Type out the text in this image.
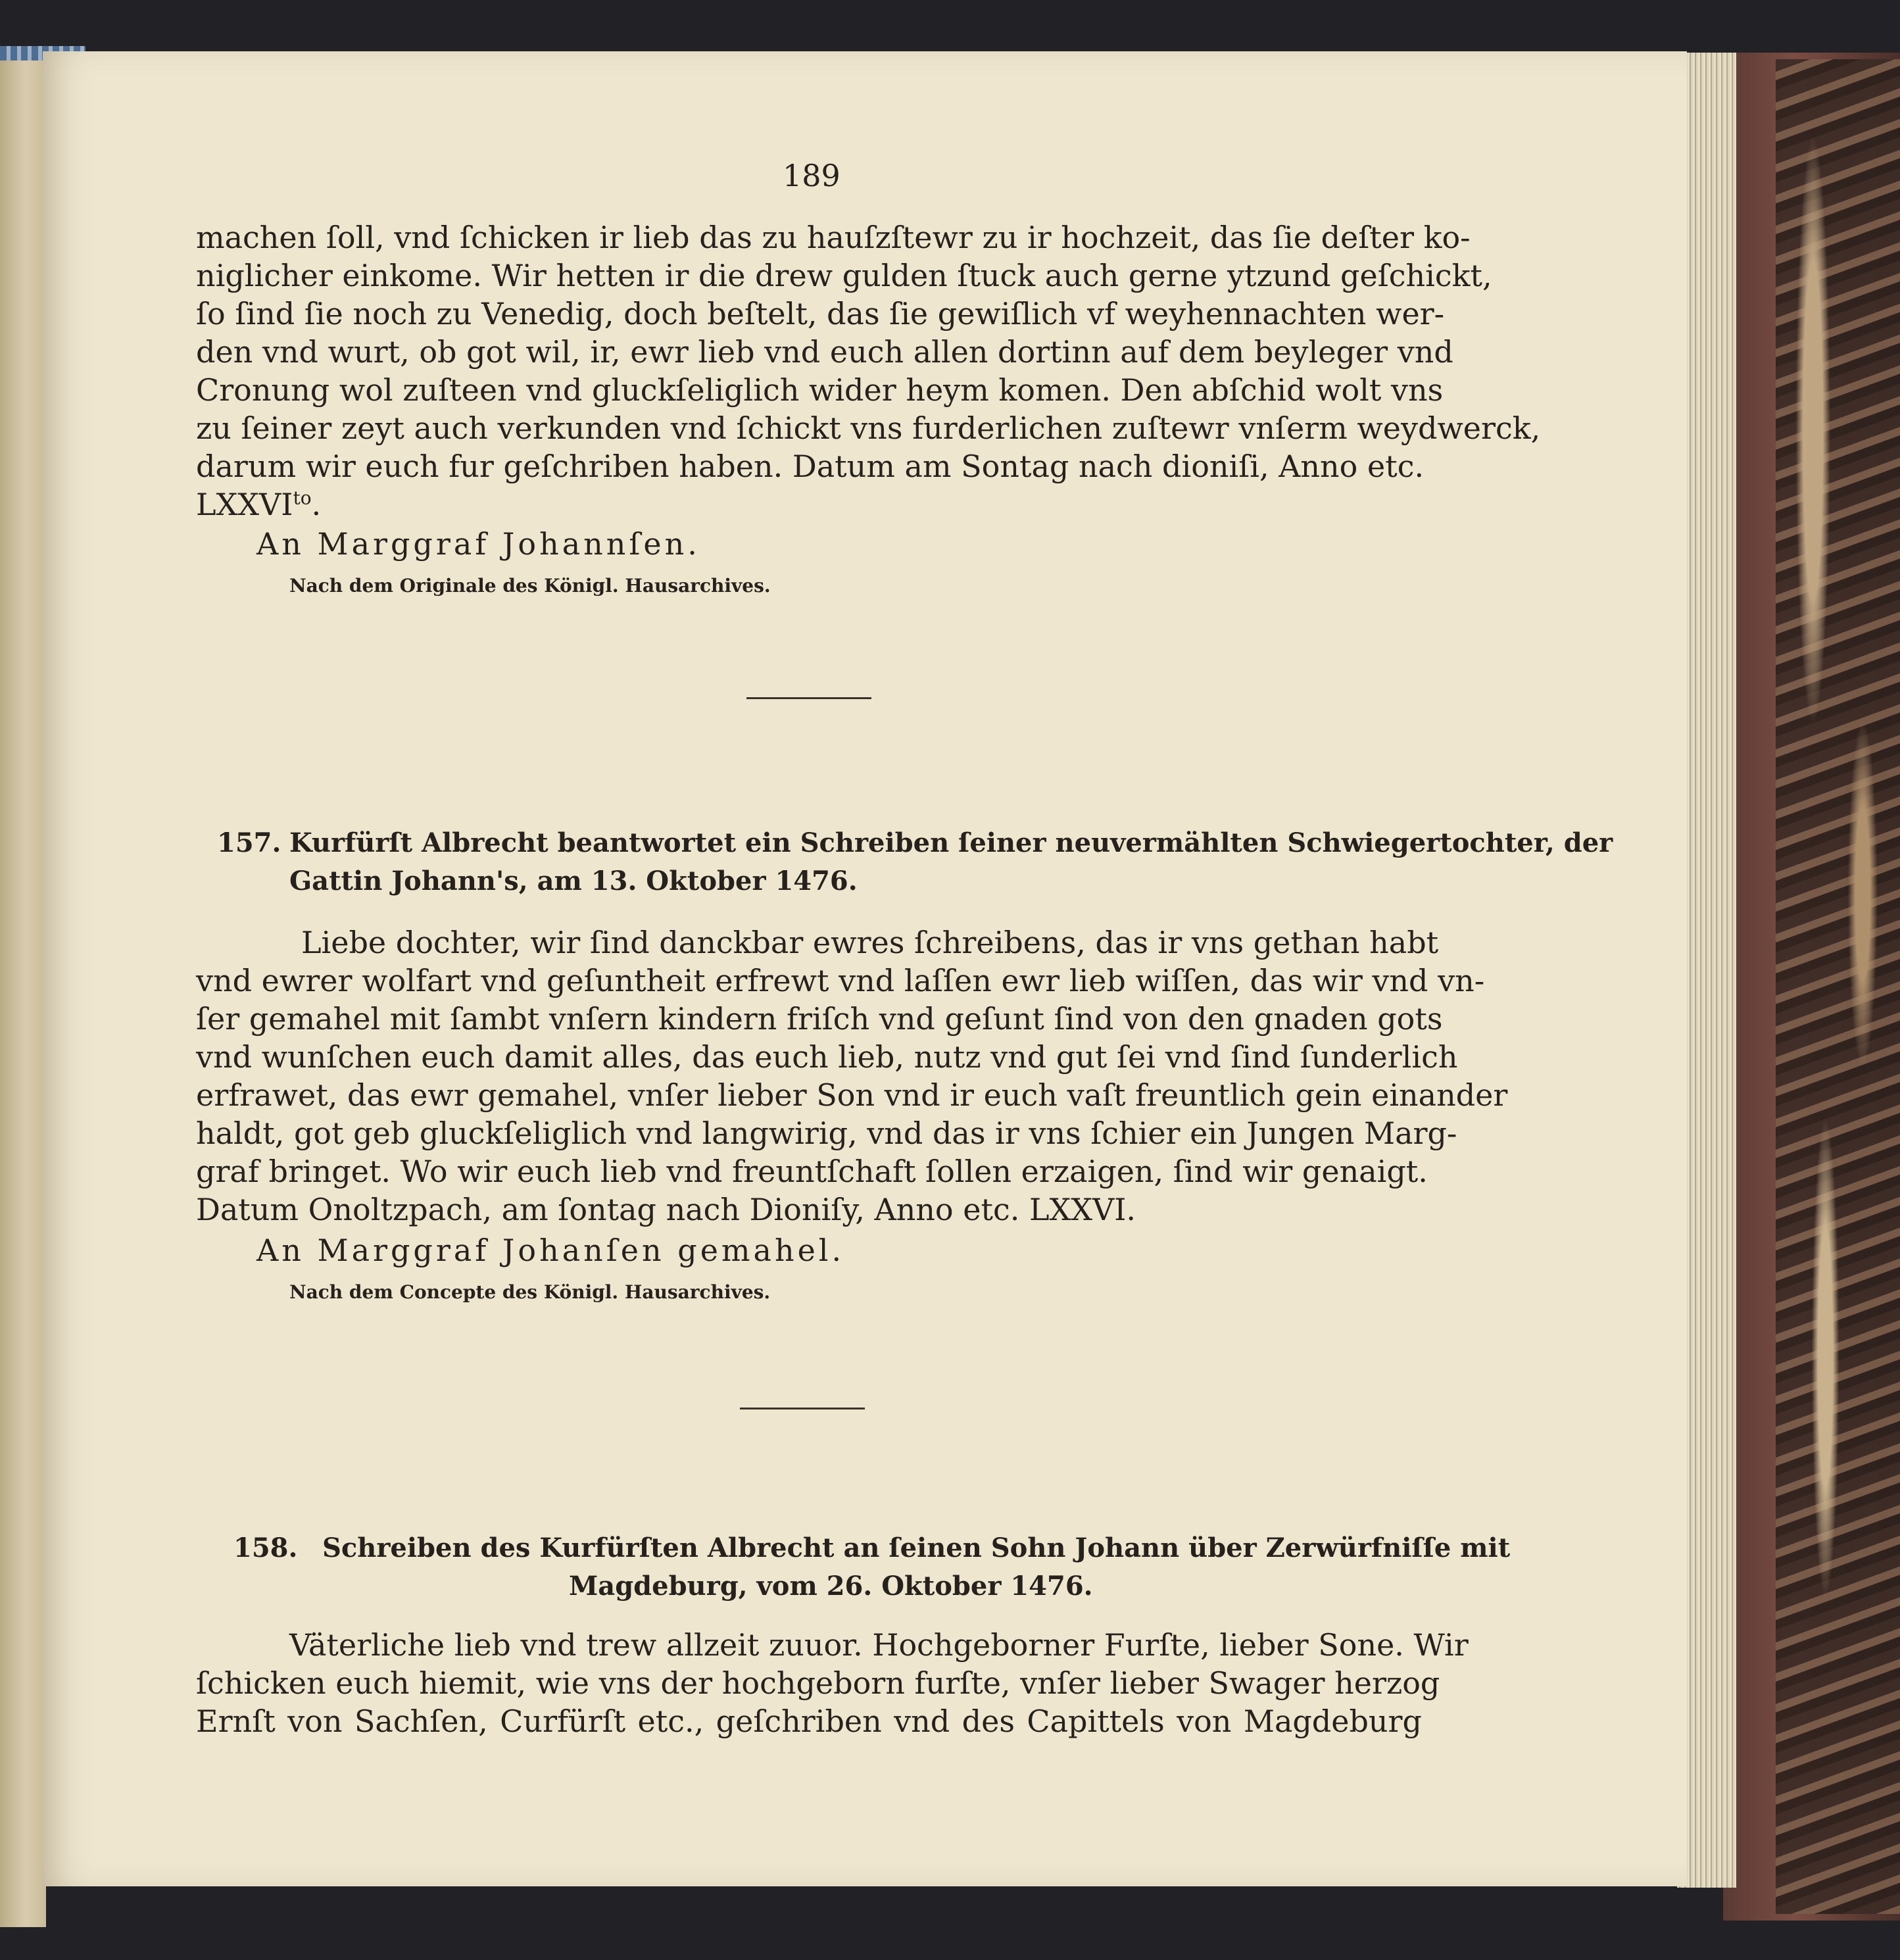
189
machen ſoll, vnd ſchicken ir lieb das zu hauſzſtewr zu ir hochzeit, das ſie deſter ko-
niglicher einkome. Wir hetten ir die drew gulden ſtuck auch gerne ytzund geſchickt,
ſo ſind ſie noch zu Venedig, doch beſtelt, das ſie gewiſlich vf weyhennachten wer-
den vnd wurt, ob got wil, ir, ewr lieb vnd euch allen dortinn auf dem beyleger vnd
Cronung wol zuſteen vnd gluckſeliglich wider heym komen. Den abſchid wolt vns
zu ſeiner zeyt auch verkunden vnd ſchickt vns furderlichen zuſtewr vnſerm weydwerck,
darum wir euch fur geſchriben haben. Datum am Sontag nach dioniſi, Anno etc.
$LXXVI^{to}$.
An Marggraf Johannſen.
Nach dem Originale des Königl. Hausarchives.
157. Kurfürſt Albrecht beantwortet ein Schreiben ſeiner neuvermählten Schwiegertochter, der
Gattin Johann's, am 13. Oktober 1476.
Liebe dochter, wir ſind danckbar ewres ſchreibens, das ir vns gethan habt
vnd ewrer wolfart vnd geſuntheit erfrewt vnd laſſen ewr lieb wiſſen, das wir vnd vn-
ſer gemahel mit ſambt vnſern kindern friſch vnd geſunt ſind von den gnaden gots
vnd wunſchen euch damit alles, das euch lieb, nutz vnd gut ſei vnd ſind ſunderlich
erfrawet, das ewr gemahel, vnſer lieber Son vnd ir euch vaſt freuntlich gein einander
haldt, got geb gluckſeliglich vnd langwirig, vnd das ir vns ſchier ein Jungen Marg-
graf bringet. Wo wir euch lieb vnd freuntſchaft ſollen erzaigen, ſind wir genaigt.
Datum Onoltzpach, am ſontag nach Dioniſy, Anno etc. LXXVI.
An Marggraf Johanſen gemahel.
Nach dem Concepte des Königl. Hausarchives.
158. Schreiben des Kurfürſten Albrecht an ſeinen Sohn Johann über Zerwürfniſſe mit
Magdeburg, vom 26. Oktober 1476.
Väterliche lieb vnd trew allzeit zuuor. Hochgeborner Furſte, lieber Sone. Wir
ſchicken euch hiemit, wie vns der hochgeborn furſte, vnſer lieber Swager herzog
Ernſt von Sachſen, Curfürſt etc., geſchriben vnd des Capittels von Magdeburg
